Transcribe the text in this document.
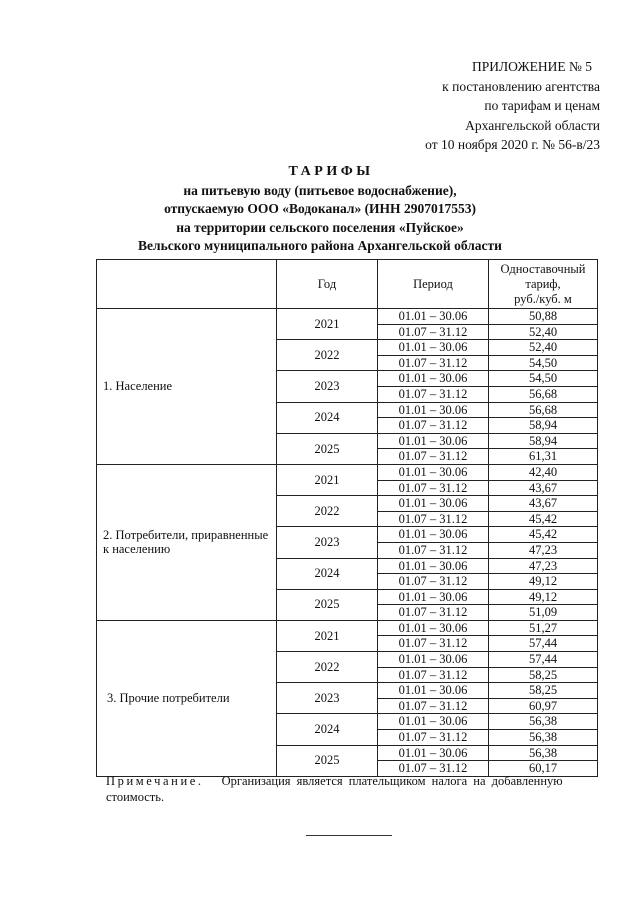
ПРИЛОЖЕНИЕ № 5
к постановлению агентства
по тарифам и ценам
Архангельской области
от 10 ноября 2020 г. № 56-в/23
ТАРИФЫ
на питьевую воду (питьевое водоснабжение),
отпускаемую ООО «Водоканал» (ИНН 2907017553)
на территории сельского поселения «Пуйское»
Вельского муниципального района Архангельской области
	Год	Период	Одноставочный
тариф,
руб./куб. м

1. Население	2021	01.01 – 30.06	50,88
		01.07 – 31.12	52,40
	2022	01.01 – 30.06	52,40
		01.07 – 31.12	54,50
	2023	01.01 – 30.06	54,50
		01.07 – 31.12	56,68
	2024	01.01 – 30.06	56,68
		01.07 – 31.12	58,94
	2025	01.01 – 30.06	58,94
		01.07 – 31.12	61,31
2. Потребители, приравненные к населению	2021	01.01 – 30.06	42,40
		01.07 – 31.12	43,67
	2022	01.01 – 30.06	43,67
		01.07 – 31.12	45,42
	2023	01.01 – 30.06	45,42
		01.07 – 31.12	47,23
	2024	01.01 – 30.06	47,23
		01.07 – 31.12	49,12
	2025	01.01 – 30.06	49,12
		01.07 – 31.12	51,09
3. Прочие потребители	2021	01.01 – 30.06	51,27
		01.07 – 31.12	57,44
	2022	01.01 – 30.06	57,44
		01.07 – 31.12	58,25
	2023	01.01 – 30.06	58,25
		01.07 – 31.12	60,97
	2024	01.01 – 30.06	56,38
		01.07 – 31.12	56,38
	2025	01.01 – 30.06	56,38
		01.07 – 31.12	60,17
Примечание. Организация является плательщиком налога на добавленную стоимость.
